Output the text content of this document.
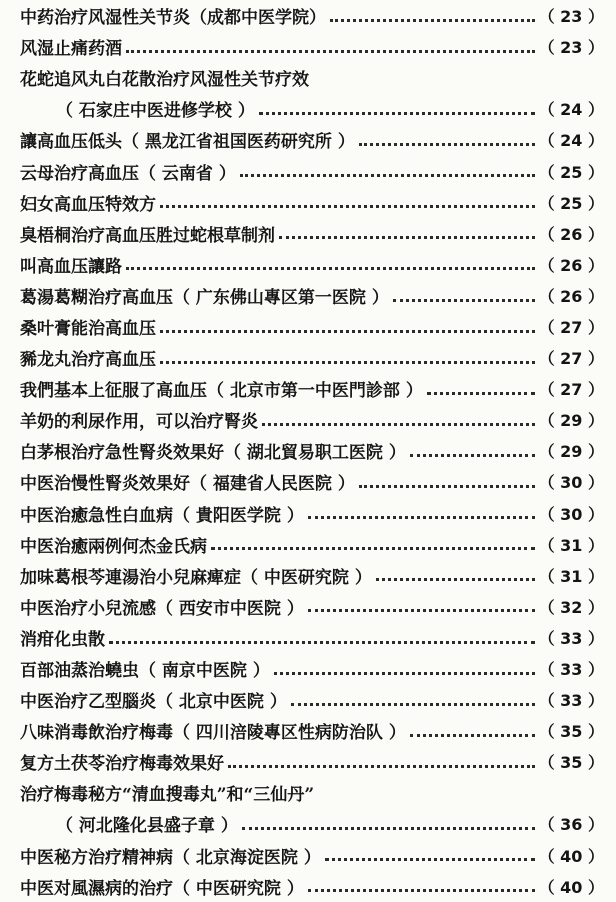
中药治疗风湿性关节炎（成都中医学院）	（ 23 ）
风湿止痛药酒	（ 23 ）
花蛇追风丸白花散治疗风湿性关节疗效
（ 石家庄中医进修学校 ）	（ 24 ）
讓高血压低头（ 黑龙江省祖国医药研究所 ）	（ 24 ）
云母治疗高血压（ 云南省 ）	（ 25 ）
妇女高血压特效方	（ 25 ）
臭梧桐治疗高血压胜过蛇根草制剂	（ 26 ）
叫高血压讓路	（ 26 ）
葛湯葛糊治疗高血压（ 广东佛山專区第一医院 ）	（ 26 ）
桑叶膏能治高血压	（ 27 ）
豨龙丸治疗高血压	（ 27 ）
我們基本上征服了高血压（ 北京市第一中医門診部 ）	（ 27 ）
羊奶的利尿作用，可以治疗腎炎	（ 29 ）
白茅根治疗急性腎炎效果好（ 湖北貿易职工医院 ）	（ 29 ）
中医治慢性腎炎效果好（ 福建省人民医院 ）	（ 30 ）
中医治癒急性白血病（ 貴阳医学院 ）	（ 30 ）
中医治癒兩例何杰金氏病	（ 31 ）
加味葛根芩連湯治小兒麻痺症（ 中医研究院 ）	（ 31 ）
中医治疗小兒流感（ 西安市中医院 ）	（ 32 ）
消疳化虫散	（ 33 ）
百部油蒸治蟯虫（ 南京中医院 ）	（ 33 ）
中医治疗乙型腦炎（ 北京中医院 ）	（ 33 ）
八味消毒飲治疗梅毒（ 四川涪陵專区性病防治队 ）	（ 35 ）
复方土茯苓治疗梅毒效果好	（ 35 ）
治疗梅毒秘方“清血搜毒丸”和“三仙丹”
（ 河北隆化县盛子章 ）	（ 36 ）
中医秘方治疗精神病（ 北京海淀医院 ）	（ 40 ）
中医对風濕病的治疗（ 中医研究院 ）	（ 40 ）
